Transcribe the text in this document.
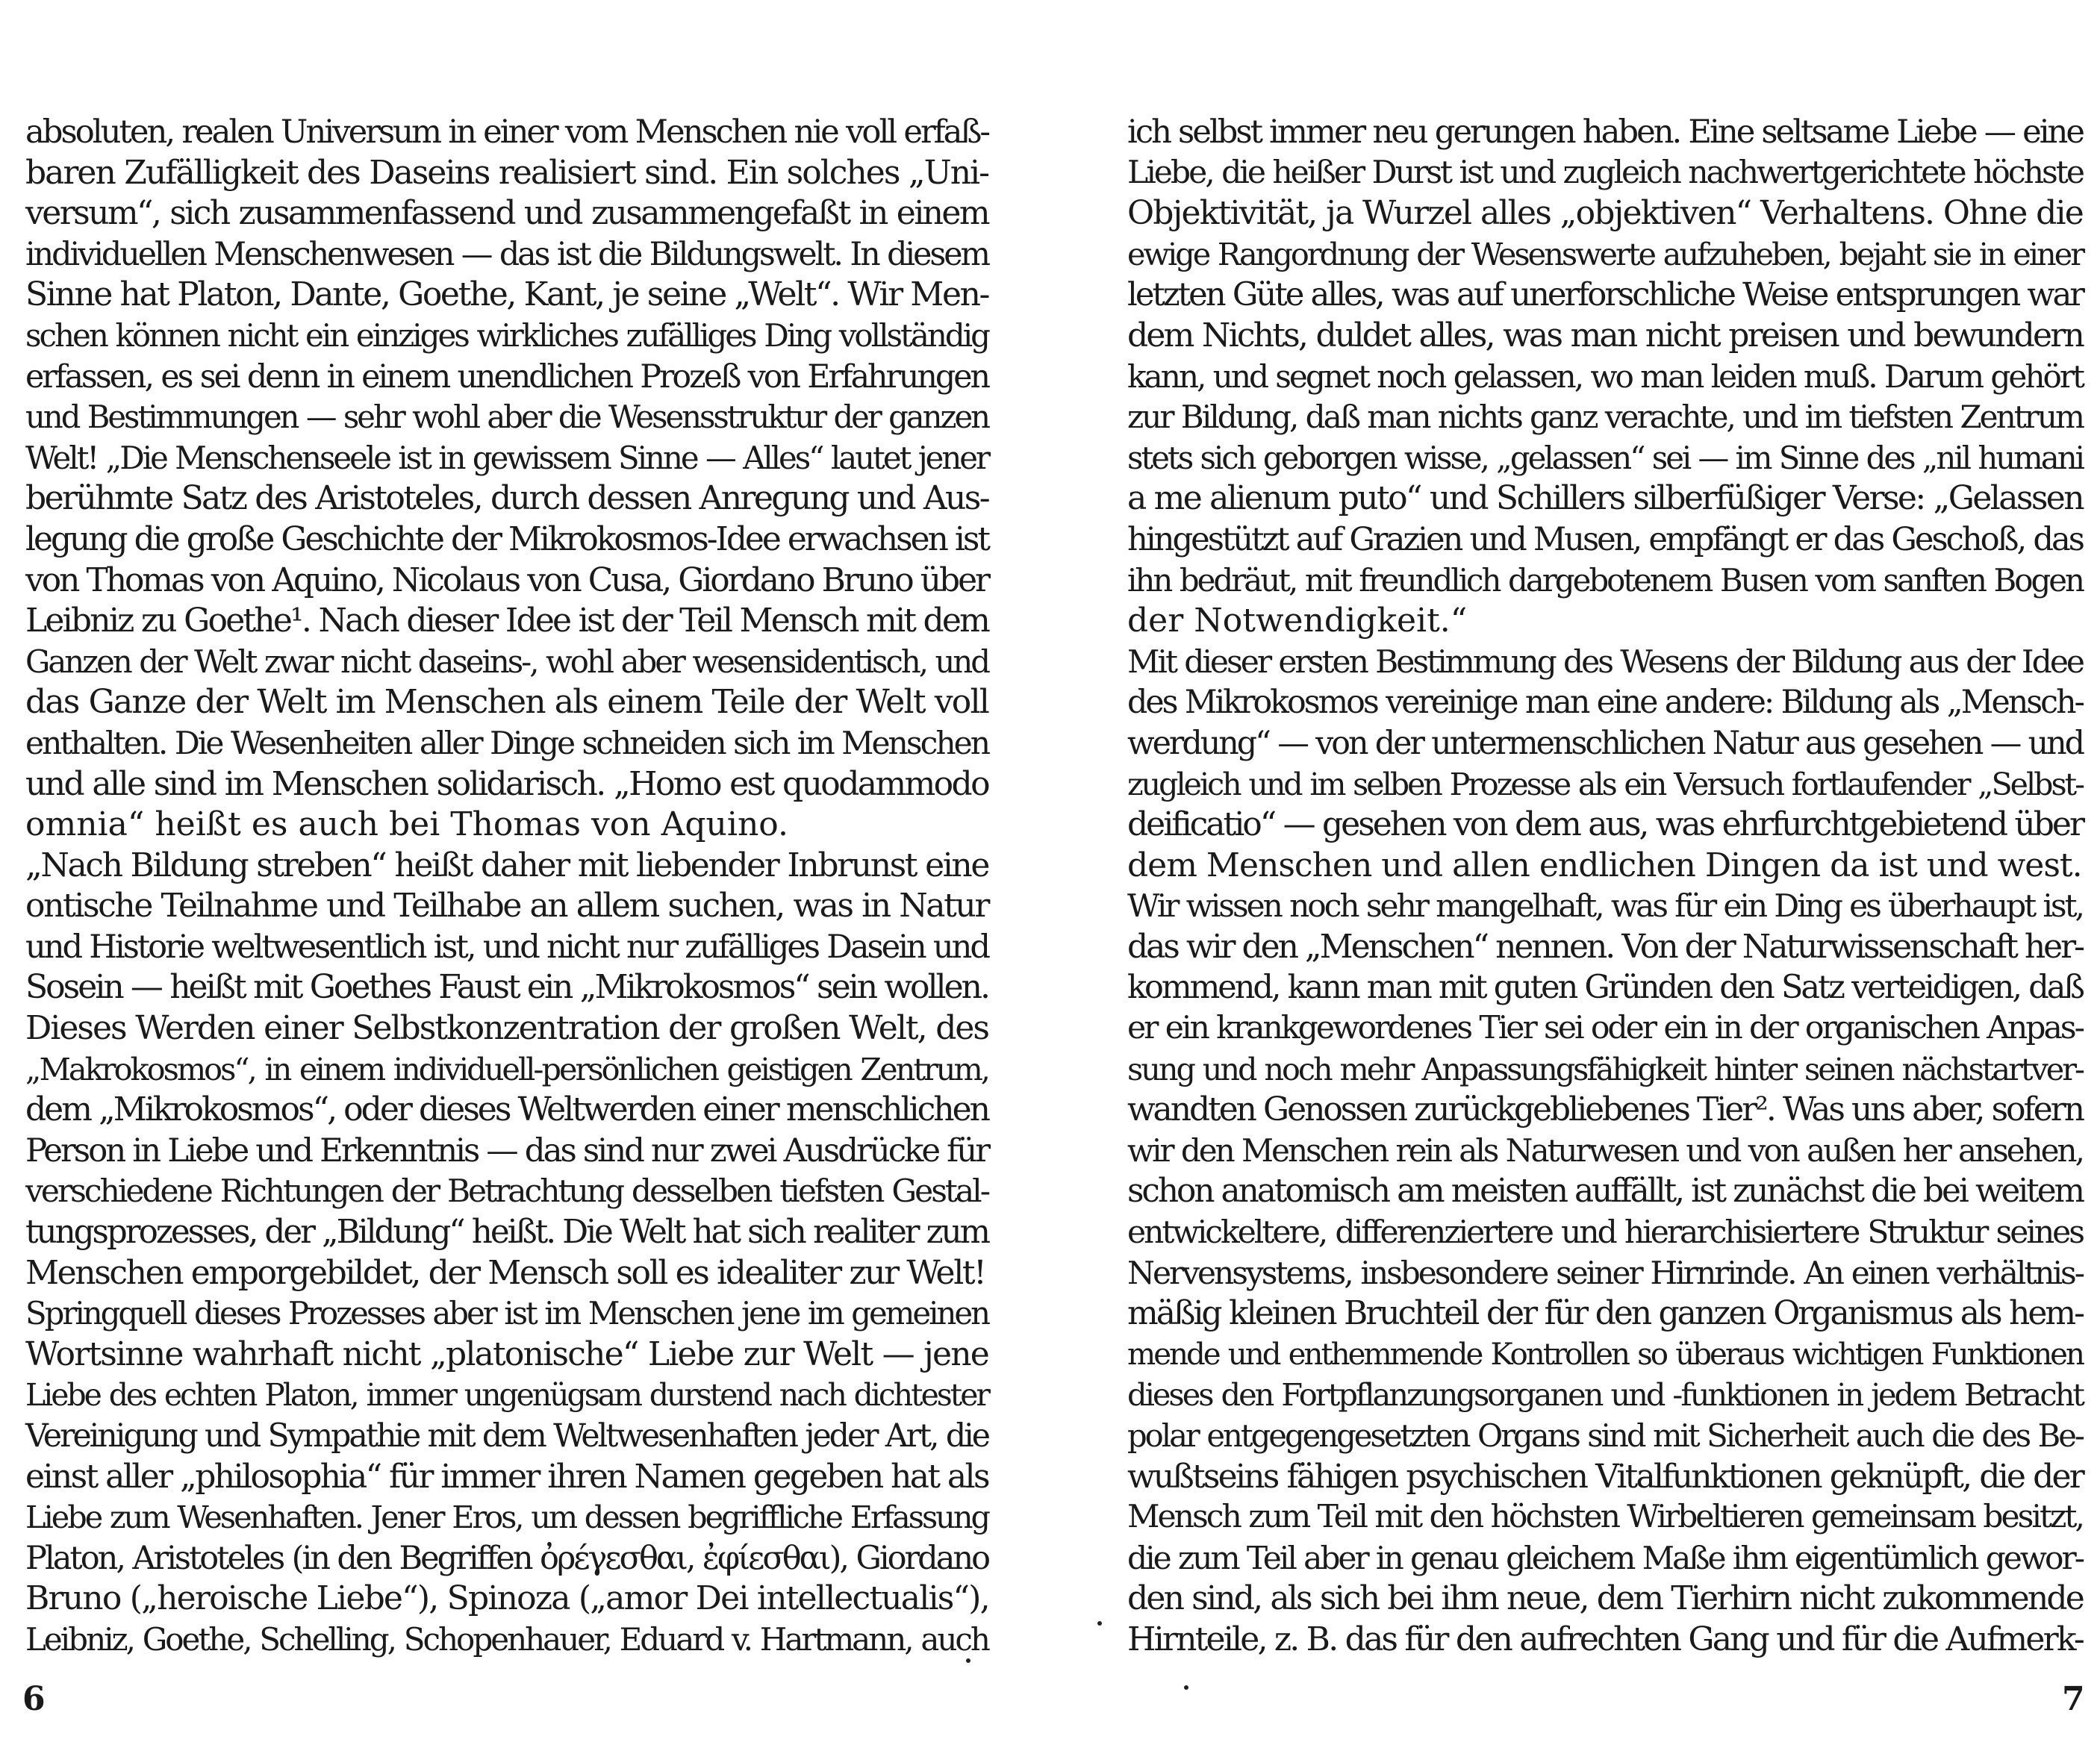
absoluten, realen Universum in einer vom Menschen nie voll erfaß-
baren Zufälligkeit des Daseins realisiert sind. Ein solches „Uni-
versum“, sich zusammenfassend und zusammengefaßt in einem
individuellen Menschenwesen — das ist die Bildungswelt. In diesem
Sinne hat Platon, Dante, Goethe, Kant, je seine „Welt“. Wir Men-
schen können nicht ein einziges wirkliches zufälliges Ding vollständig
erfassen, es sei denn in einem unendlichen Prozeß von Erfahrungen
und Bestimmungen — sehr wohl aber die Wesensstruktur der ganzen
Welt! „Die Menschenseele ist in gewissem Sinne — Alles“ lautet jener
berühmte Satz des Aristoteles, durch dessen Anregung und Aus-
legung die große Geschichte der Mikrokosmos-Idee erwachsen ist
von Thomas von Aquino, Nicolaus von Cusa, Giordano Bruno über
Leibniz zu Goethe¹. Nach dieser Idee ist der Teil Mensch mit dem
Ganzen der Welt zwar nicht daseins-, wohl aber wesensidentisch, und
das Ganze der Welt im Menschen als einem Teile der Welt voll
enthalten. Die Wesenheiten aller Dinge schneiden sich im Menschen
und alle sind im Menschen solidarisch. „Homo est quodammodo
omnia“ heißt es auch bei Thomas von Aquino.
„Nach Bildung streben“ heißt daher mit liebender Inbrunst eine
ontische Teilnahme und Teilhabe an allem suchen, was in Natur
und Historie weltwesentlich ist, und nicht nur zufälliges Dasein und
Sosein — heißt mit Goethes Faust ein „Mikrokosmos“ sein wollen.
Dieses Werden einer Selbstkonzentration der großen Welt, des
„Makrokosmos“, in einem individuell-persönlichen geistigen Zentrum,
dem „Mikrokosmos“, oder dieses Weltwerden einer menschlichen
Person in Liebe und Erkenntnis — das sind nur zwei Ausdrücke für
verschiedene Richtungen der Betrachtung desselben tiefsten Gestal-
tungsprozesses, der „Bildung“ heißt. Die Welt hat sich realiter zum
Menschen emporgebildet, der Mensch soll es idealiter zur Welt!
Springquell dieses Prozesses aber ist im Menschen jene im gemeinen
Wortsinne wahrhaft nicht „platonische“ Liebe zur Welt — jene
Liebe des echten Platon, immer ungenügsam durstend nach dichtester
Vereinigung und Sympathie mit dem Weltwesenhaften jeder Art, die
einst aller „philosophia“ für immer ihren Namen gegeben hat als
Liebe zum Wesenhaften. Jener Eros, um dessen begriffliche Erfassung
Platon, Aristoteles (in den Begriffen ὀρέγεσθαι, ἐφίεσθαι), Giordano
Bruno („heroische Liebe“), Spinoza („amor Dei intellectualis“),
Leibniz, Goethe, Schelling, Schopenhauer, Eduard v. Hartmann, auch
ich selbst immer neu gerungen haben. Eine seltsame Liebe — eine
Liebe, die heißer Durst ist und zugleich nachwertgerichtete höchste
Objektivität, ja Wurzel alles „objektiven“ Verhaltens. Ohne die
ewige Rangordnung der Wesenswerte aufzuheben, bejaht sie in einer
letzten Güte alles, was auf unerforschliche Weise entsprungen war
dem Nichts, duldet alles, was man nicht preisen und bewundern
kann, und segnet noch gelassen, wo man leiden muß. Darum gehört
zur Bildung, daß man nichts ganz verachte, und im tiefsten Zentrum
stets sich geborgen wisse, „gelassen“ sei — im Sinne des „nil humani
a me alienum puto“ und Schillers silberfüßiger Verse: „Gelassen
hingestützt auf Grazien und Musen, empfängt er das Geschoß, das
ihn bedräut, mit freundlich dargebotenem Busen vom sanften Bogen
der Notwendigkeit.“
Mit dieser ersten Bestimmung des Wesens der Bildung aus der Idee
des Mikrokosmos vereinige man eine andere: Bildung als „Mensch-
werdung“ — von der untermenschlichen Natur aus gesehen — und
zugleich und im selben Prozesse als ein Versuch fortlaufender „Selbst-
deificatio“ — gesehen von dem aus, was ehrfurchtgebietend über
dem Menschen und allen endlichen Dingen da ist und west.
Wir wissen noch sehr mangelhaft, was für ein Ding es überhaupt ist,
das wir den „Menschen“ nennen. Von der Naturwissenschaft her-
kommend, kann man mit guten Gründen den Satz verteidigen, daß
er ein krankgewordenes Tier sei oder ein in der organischen Anpas-
sung und noch mehr Anpassungsfähigkeit hinter seinen nächstartver-
wandten Genossen zurückgebliebenes Tier². Was uns aber, sofern
wir den Menschen rein als Naturwesen und von außen her ansehen,
schon anatomisch am meisten auffällt, ist zunächst die bei weitem
entwickeltere, differenziertere und hierarchisiertere Struktur seines
Nervensystems, insbesondere seiner Hirnrinde. An einen verhältnis-
mäßig kleinen Bruchteil der für den ganzen Organismus als hem-
mende und enthemmende Kontrollen so überaus wichtigen Funktionen
dieses den Fortpflanzungsorganen und -funktionen in jedem Betracht
polar entgegengesetzten Organs sind mit Sicherheit auch die des Be-
wußtseins fähigen psychischen Vitalfunktionen geknüpft, die der
Mensch zum Teil mit den höchsten Wirbeltieren gemeinsam besitzt,
die zum Teil aber in genau gleichem Maße ihm eigentümlich gewor-
den sind, als sich bei ihm neue, dem Tierhirn nicht zukommende
Hirnteile, z. B. das für den aufrechten Gang und für die Aufmerk-
6	7
